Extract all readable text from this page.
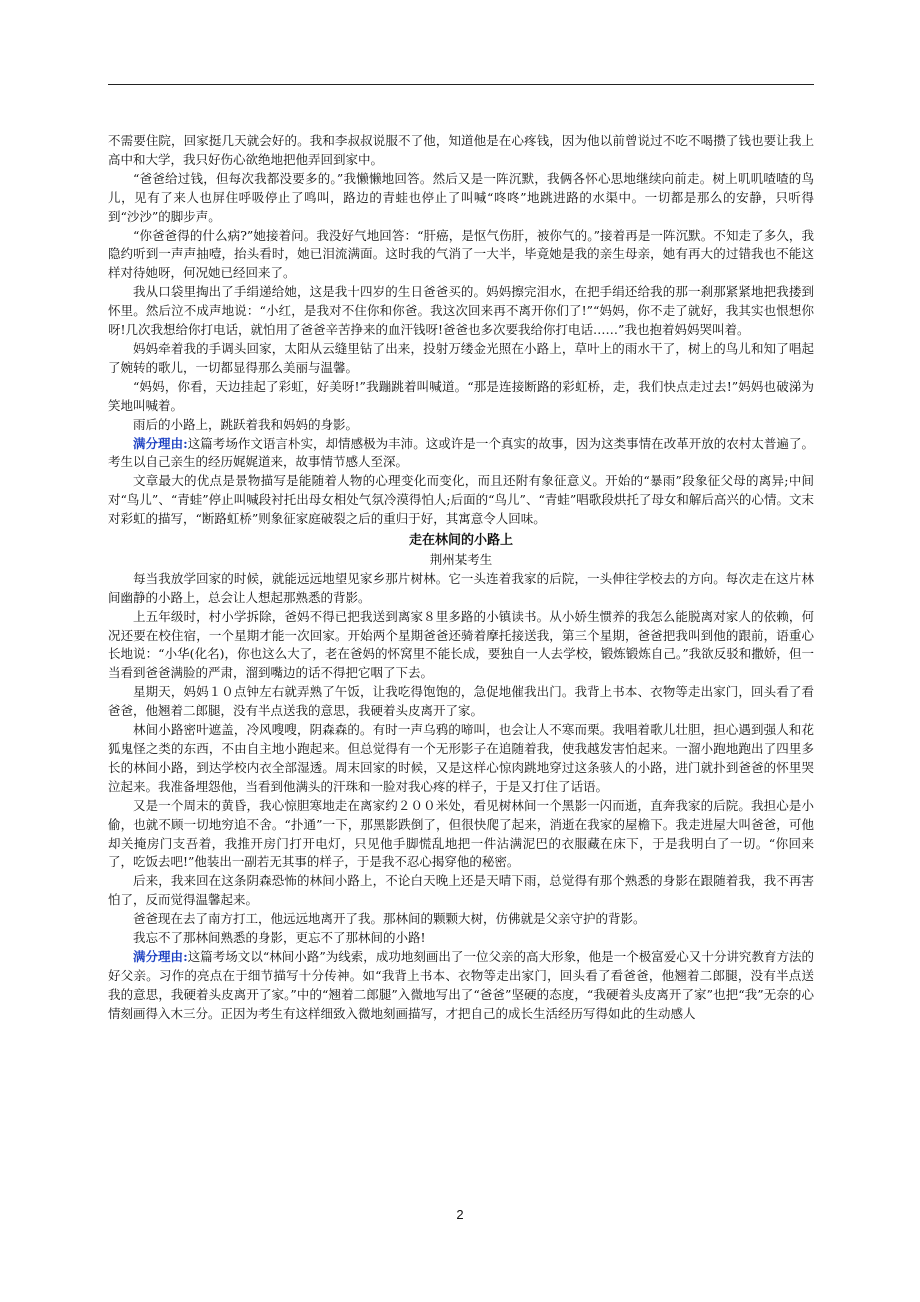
不需要住院，回家挺几天就会好的。我和李叔叔说服不了他，知道他是在心疼钱，因为他以前曾说过不吃不喝攒了钱也要让我上高中和大学，我只好伤心欲绝地把他弄回到家中。

“爸爸给过钱，但每次我都没要多的。”我懒懒地回答。然后又是一阵沉默，我俩各怀心思地继续向前走。树上叽叽喳喳的鸟儿，见有了来人也屏住呼吸停止了鸣叫，路边的青蛙也停止了叫喊“咚咚”地跳进路的水渠中。一切都是那么的安静，只听得到“沙沙”的脚步声。

“你爸爸得的什么病?”她接着问。我没好气地回答：“肝癌，是怄气伤肝，被你气的。”接着再是一阵沉默。不知走了多久，我隐约听到一声声抽噎，抬头看时，她已泪流满面。这时我的气消了一大半，毕竟她是我的亲生母亲，她有再大的过错我也不能这样对待她呀，何况她已经回来了。

我从口袋里掏出了手绢递给她，这是我十四岁的生日爸爸买的。妈妈擦完泪水，在把手绢还给我的那一刹那紧紧地把我搂到怀里。然后泣不成声地说：“小红，是我对不住你和你爸。我这次回来再不离开你们了!”“妈妈，你不走了就好，我其实也恨想你呀!几次我想给你打电话，就怕用了爸爸辛苦挣来的血汗钱呀!爸爸也多次要我给你打电话……”我也抱着妈妈哭叫着。

妈妈牵着我的手调头回家，太阳从云缝里钻了出来，投射万缕金光照在小路上，草叶上的雨水干了，树上的鸟儿和知了唱起了婉转的歌儿，一切都显得那么美丽与温馨。

“妈妈，你看，天边挂起了彩虹，好美呀!”我蹦跳着叫喊道。“那是连接断路的彩虹桥，走，我们快点走过去!”妈妈也破涕为笑地叫喊着。

雨后的小路上，跳跃着我和妈妈的身影。

满分理由:这篇考场作文语言朴实，却情感极为丰沛。这或许是一个真实的故事，因为这类事情在改革开放的农村太普遍了。考生以自己亲生的经历娓娓道来，故事情节感人至深。

文章最大的优点是景物描写是能随着人物的心理变化而变化，而且还附有象征意义。开始的“暴雨”段象征父母的离异;中间对“鸟儿”、“青蛙”停止叫喊段衬托出母女相处气氛冷漠得怕人;后面的“鸟儿”、“青蛙”唱歌段烘托了母女和解后高兴的心情。文末对彩虹的描写，“断路虹桥”则象征家庭破裂之后的重归于好，其寓意令人回味。

走在林间的小路上

荆州某考生

每当我放学回家的时候，就能远远地望见家乡那片树林。它一头连着我家的后院，一头伸往学校去的方向。每次走在这片林间幽静的小路上，总会让人想起那熟悉的背影。

上五年级时，村小学拆除，爸妈不得已把我送到离家８里多路的小镇读书。从小娇生惯养的我怎么能脱离对家人的依赖，何况还要在校住宿，一个星期才能一次回家。开始两个星期爸爸还骑着摩托接送我，第三个星期，爸爸把我叫到他的跟前，语重心长地说：“小华(化名)，你也这么大了，老在爸妈的怀窝里不能长成，要独自一人去学校，锻炼锻炼自己。”我欲反驳和撒娇，但一当看到爸爸满脸的严肃，溜到嘴边的话不得把它咽了下去。

星期天，妈妈１０点钟左右就弄熟了午饭，让我吃得饱饱的，急促地催我出门。我背上书本、衣物等走出家门，回头看了看爸爸，他翘着二郎腿，没有半点送我的意思，我硬着头皮离开了家。

林间小路密叶遮盖，冷风嗖嗖，阴森森的。有时一声乌鸦的啼叫，也会让人不寒而栗。我唱着歌儿壮胆，担心遇到强人和花狐鬼怪之类的东西，不由自主地小跑起来。但总觉得有一个无形影子在追随着我，使我越发害怕起来。一溜小跑地跑出了四里多长的林间小路，到达学校内衣全部湿透。周末回家的时候，又是这样心惊肉跳地穿过这条骇人的小路，进门就扑到爸爸的怀里哭泣起来。我准备埋怨他，当看到他满头的汗珠和一脸对我心疼的样子，于是又打住了话语。

又是一个周末的黄昏，我心惊胆寒地走在离家约２００米处，看见树林间一个黑影一闪而逝，直奔我家的后院。我担心是小偷，也就不顾一切地穷追不舍。“扑通”一下，那黑影跌倒了，但很快爬了起来，消逝在我家的屋檐下。我走进屋大叫爸爸，可他却关掩房门支吾着，我推开房门打开电灯，只见他手脚慌乱地把一件沾满泥巴的衣服藏在床下，于是我明白了一切。“你回来了，吃饭去吧!”他装出一副若无其事的样子，于是我不忍心揭穿他的秘密。

后来，我来回在这条阴森恐怖的林间小路上，不论白天晚上还是天晴下雨，总觉得有那个熟悉的身影在跟随着我，我不再害怕了，反而觉得温馨起来。

爸爸现在去了南方打工，他远远地离开了我。那林间的颗颗大树，仿佛就是父亲守护的背影。

我忘不了那林间熟悉的身影，更忘不了那林间的小路!

满分理由:这篇考场文以“林间小路”为线索，成功地刻画出了一位父亲的高大形象，他是一个极富爱心又十分讲究教育方法的好父亲。习作的亮点在于细节描写十分传神。如“我背上书本、衣物等走出家门，回头看了看爸爸，他翘着二郎腿，没有半点送我的意思，我硬着头皮离开了家。”中的“翘着二郎腿”入微地写出了“爸爸”坚硬的态度，“我硬着头皮离开了家”也把“我”无奈的心情刻画得入木三分。正因为考生有这样细致入微地刻画描写，才把自己的成长生活经历写得如此的生动感人

2
